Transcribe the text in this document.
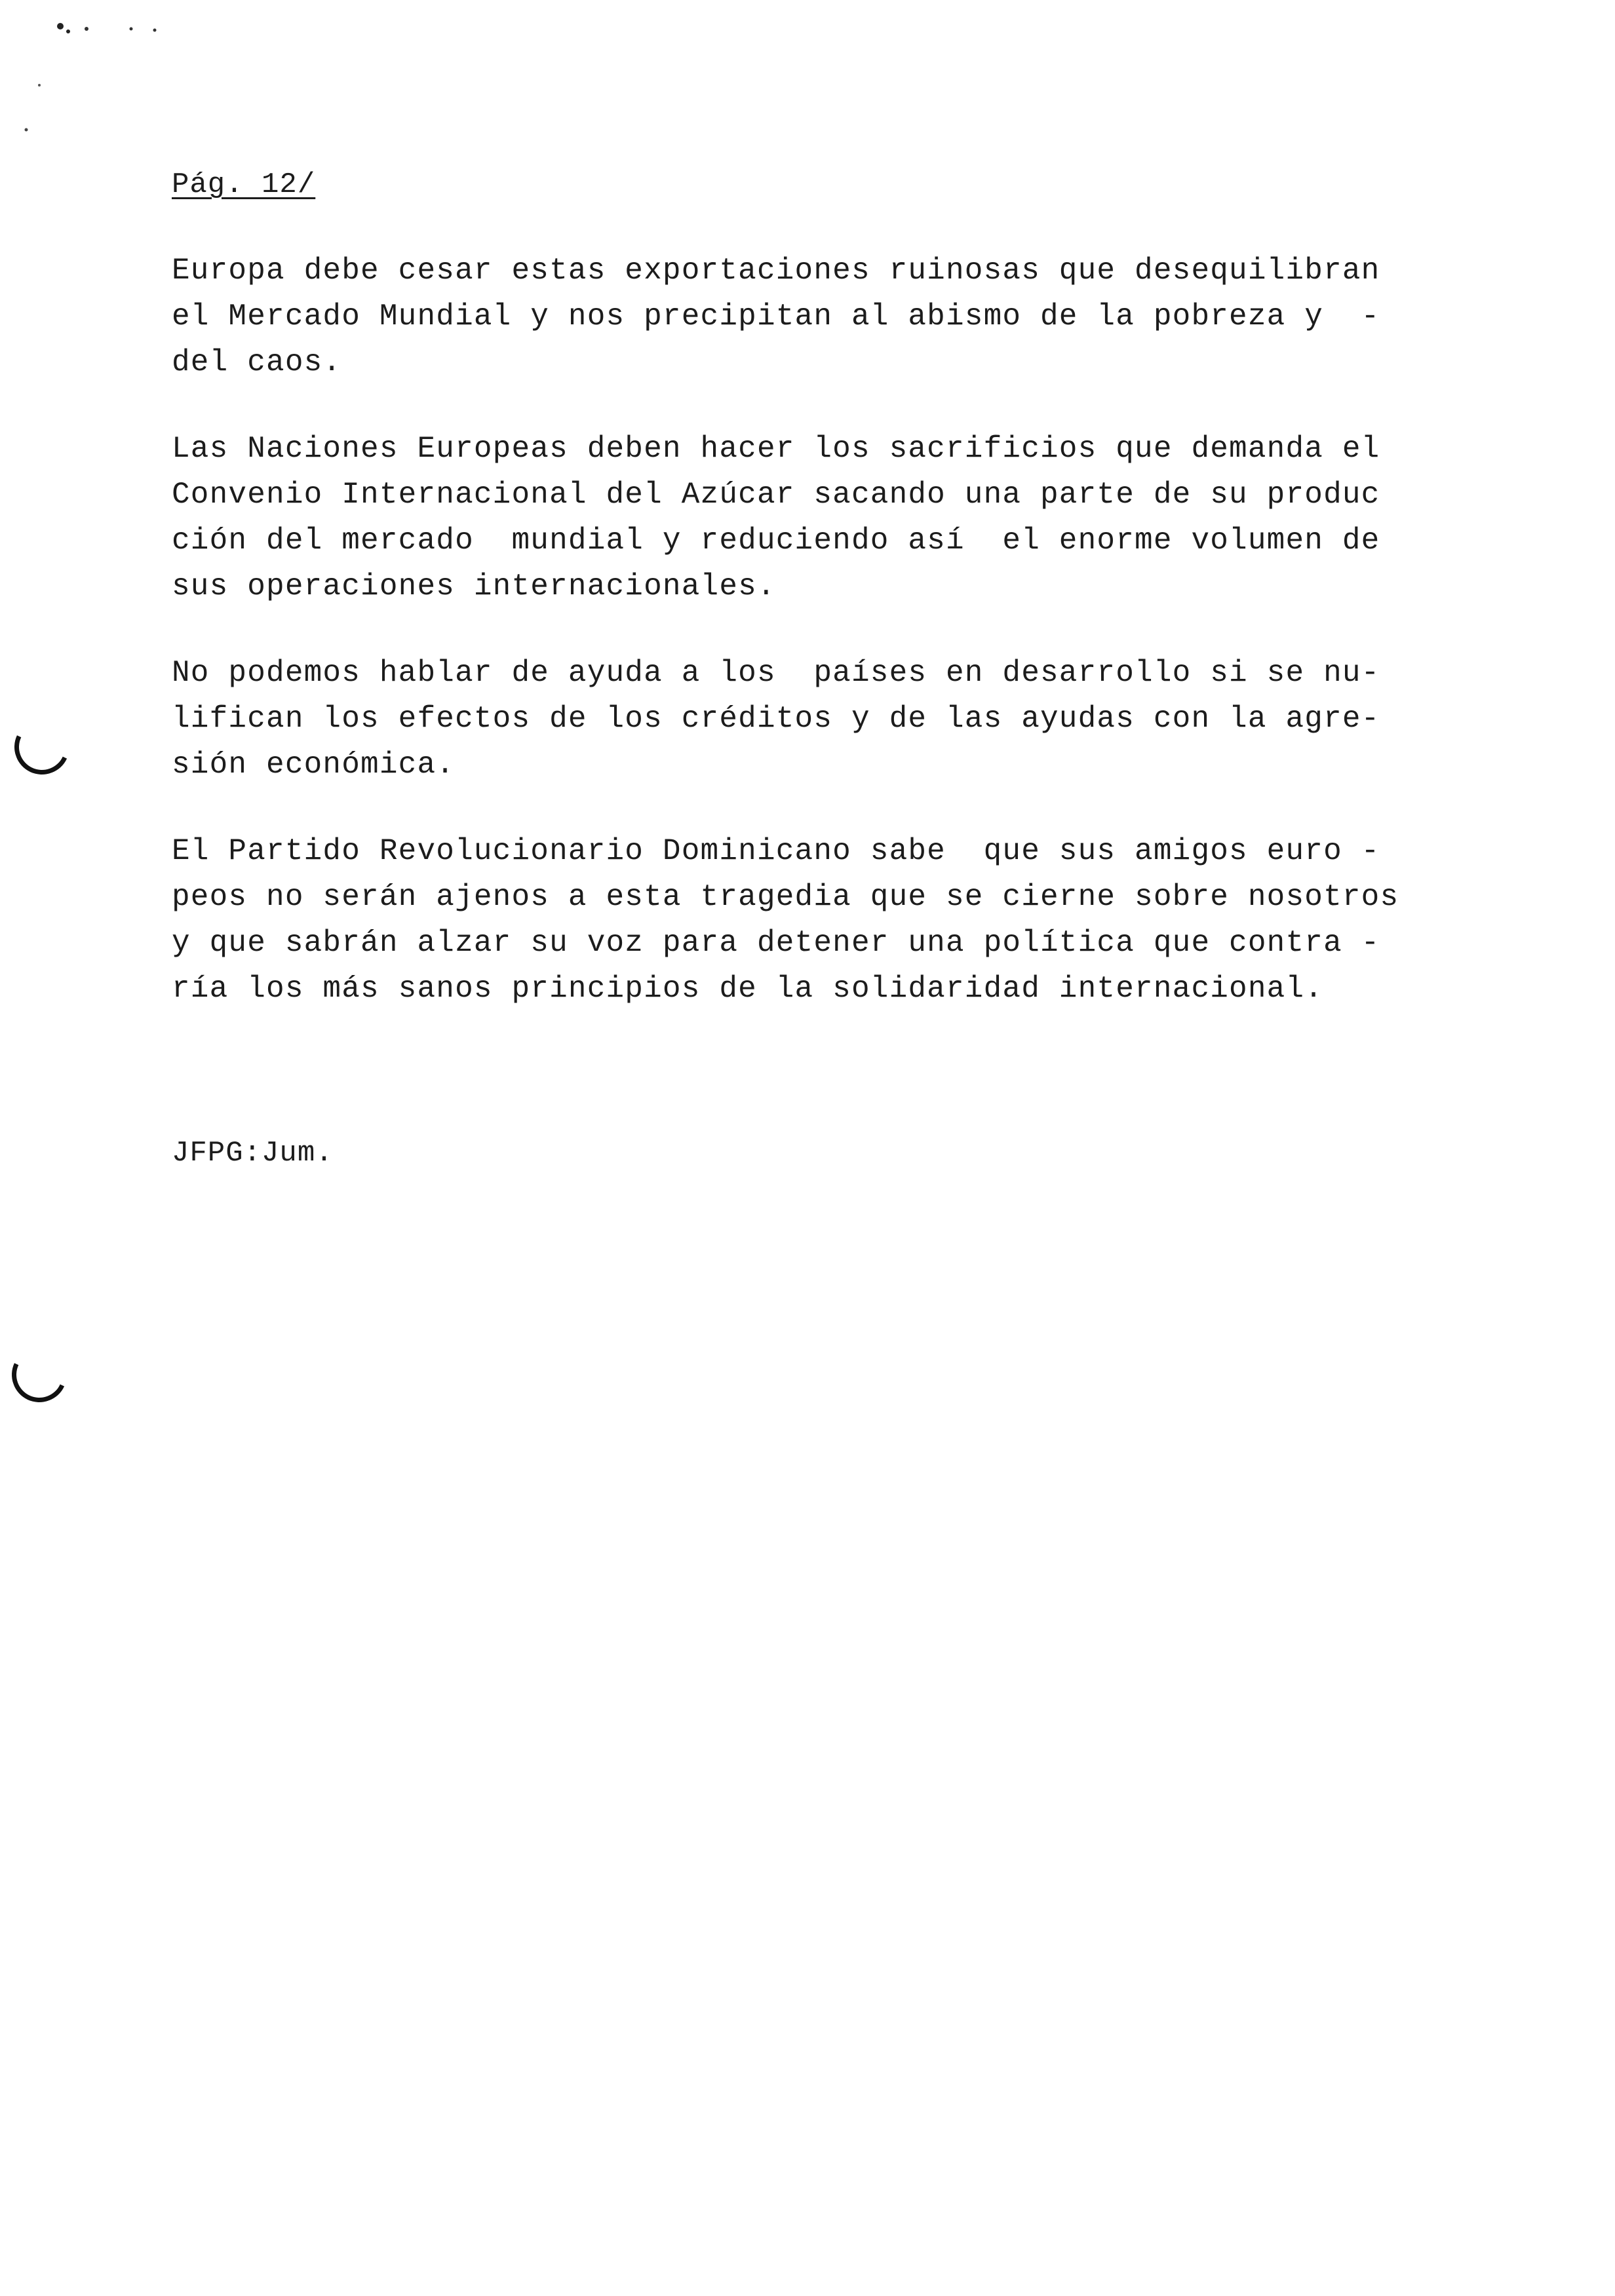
Pág. 12/
Europa debe cesar estas exportaciones ruinosas que desequilibran
el Mercado Mundial y nos precipitan al abismo de la pobreza y  -
del caos.
Las Naciones Europeas deben hacer los sacrificios que demanda el
Convenio Internacional del Azúcar sacando una parte de su produc
ción del mercado  mundial y reduciendo así  el enorme volumen de
sus operaciones internacionales.
No podemos hablar de ayuda a los  países en desarrollo si se nu-
lifican los efectos de los créditos y de las ayudas con la agre-
sión económica.
El Partido Revolucionario Dominicano sabe  que sus amigos euro -
peos no serán ajenos a esta tragedia que se cierne sobre nosotros
y que sabrán alzar su voz para detener una política que contra -
ría los más sanos principios de la solidaridad internacional.
JFPG:Jum.
